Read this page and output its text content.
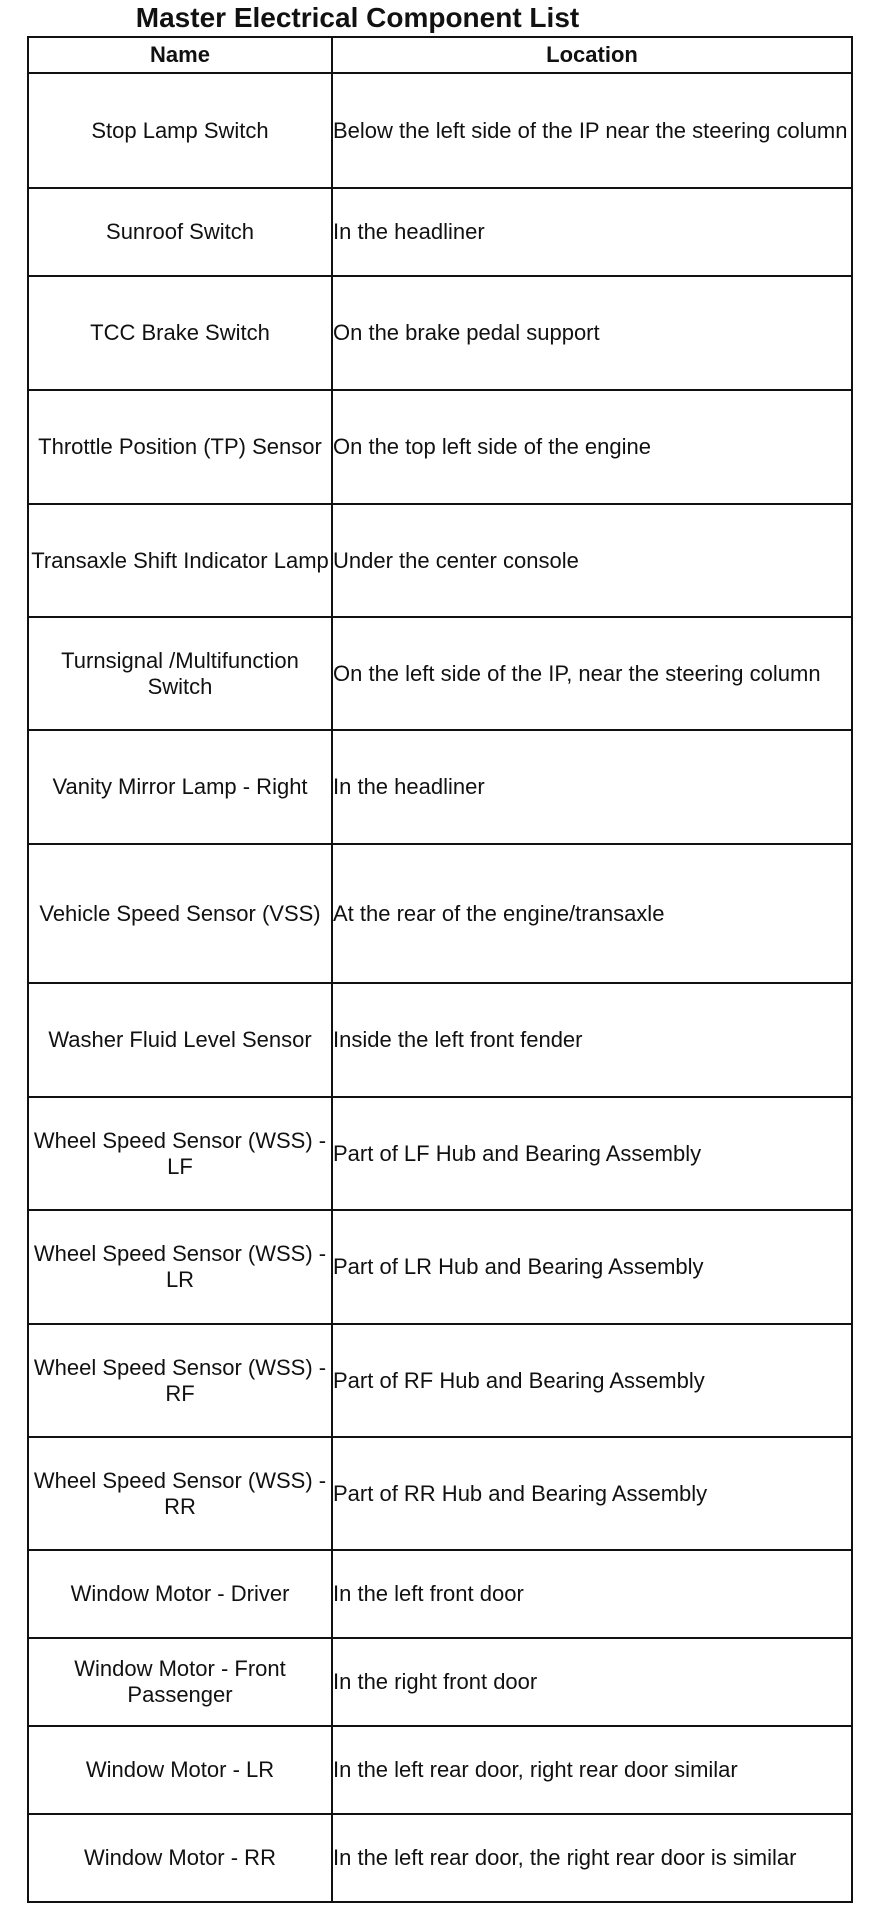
Master Electrical Component List
Name	Location
Stop Lamp Switch	Below the left side of the IP near the steering column
Sunroof Switch	In the headliner
TCC Brake Switch	On the brake pedal support
Throttle Position (TP) Sensor	On the top left side of the engine
Transaxle Shift Indicator Lamp	Under the center console
Turnsignal /Multifunction Switch	On the left side of the IP, near the steering column
Vanity Mirror Lamp - Right	In the headliner
Vehicle Speed Sensor (VSS)	At the rear of the engine/transaxle
Washer Fluid Level Sensor	Inside the left front fender
Wheel Speed Sensor (WSS) - LF	Part of LF Hub and Bearing Assembly
Wheel Speed Sensor (WSS) - LR	Part of LR Hub and Bearing Assembly
Wheel Speed Sensor (WSS) - RF	Part of RF Hub and Bearing Assembly
Wheel Speed Sensor (WSS) - RR	Part of RR Hub and Bearing Assembly
Window Motor - Driver	In the left front door
Window Motor - Front Passenger	In the right front door
Window Motor - LR	In the left rear door, right rear door similar
Window Motor - RR	In the left rear door, the right rear door is similar
